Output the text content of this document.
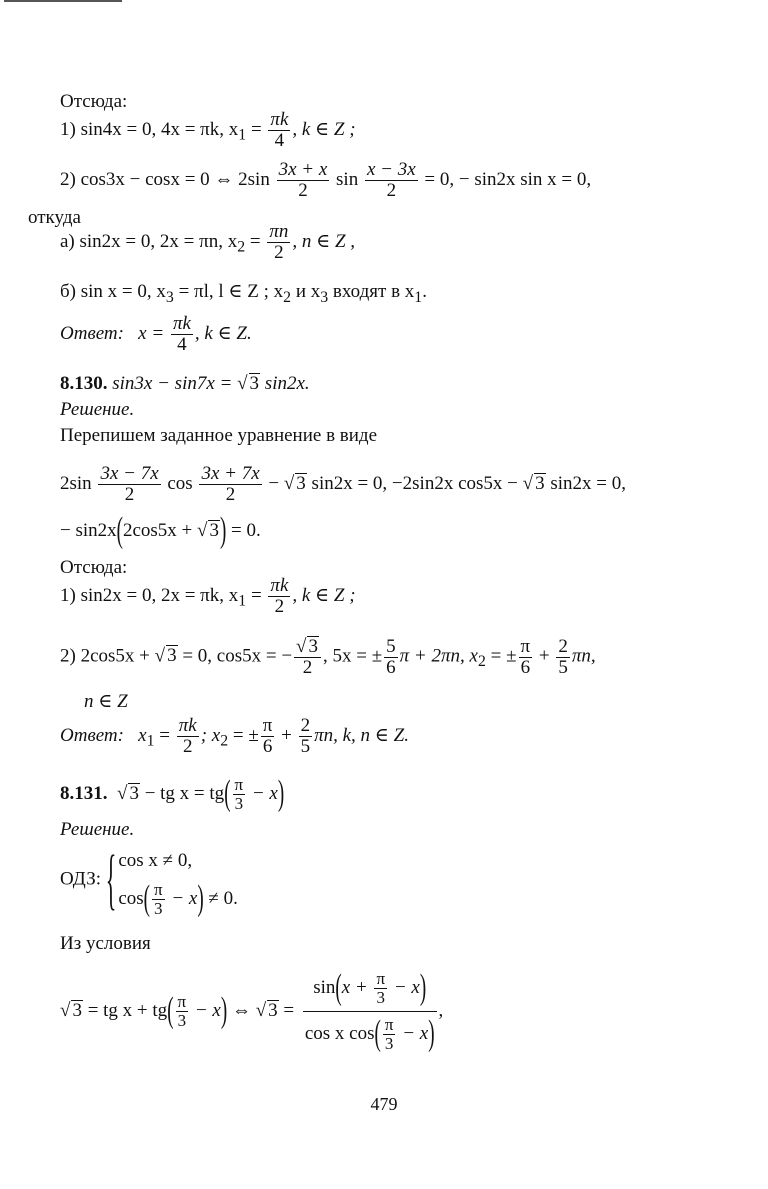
Отсюда:
1) sin4x = 0, 4x = πk, $x_1 = \frac{\pi k}{4}$ , k ∈ Z ;
2) cos3x − cosx = 0 ⇔ $2\sin \frac{3x + x}{2}$ $\sin \frac{x - 3x}{2} = 0$, − sin2x sin x = 0,
откуда
а) sin2x = 0, 2x = πn, $x_2 = \frac{\pi n}{2}$ , n ∈ Z ,
б) sin x = 0, $x_3 = \pi l$, l ∈ Z ; $x_2$ и $x_3$ входят в $x_1$.
Ответ: $x = \frac{\pi k}{4}$ , k ∈ Z.
8.130. sin3x − sin7x = √ 3 sin2x.
Решение.
Перепишем заданное уравнение в виде
$2\sin \frac{3x - 7x}{2}$ $\cos \frac{3x + 7x}{2}$ − √ 3 sin2x = 0, −2sin2x cos5x − √ 3 sin2x = 0,
− sin2x(2cos5x + √ 3) = 0.
Отсюда:
1) sin2x = 0, 2x = πk, $x_1 = \frac{\pi k}{2}$ , k ∈ Z ;
2) 2cos5x + √ 3 = 0, cos5x = − $\frac{√ 3}{2}$ , 5x = ± $\frac{5}{6}$ π + 2πn, $x_2$ = ± $\frac{\pi}{6} + \frac{2}{5} \pi n$,
n ∈ Z
Ответ: $x_1 = \frac{\pi k}{2}$ ; $x_2$ = ± $\frac{\pi}{6} + \frac{2}{5} \pi n$, k, n ∈ Z.
8.131.  √ 3 − tg $x = tg( \frac{\pi}{3} - x)$
Решение.
ОДЗ: { cos x ≠ 0,
$\cos( \frac{\pi}{3} - x) \ne 0$.
Из условия
√ 3 = tg $x + tg( \frac{\pi}{3} - x)$ ⇔ √ $3 = \frac{\sin(x + \frac{\pi}{3} - x)}{\cos x \cos( \frac{\pi}{3} - x)}$ ,
479
